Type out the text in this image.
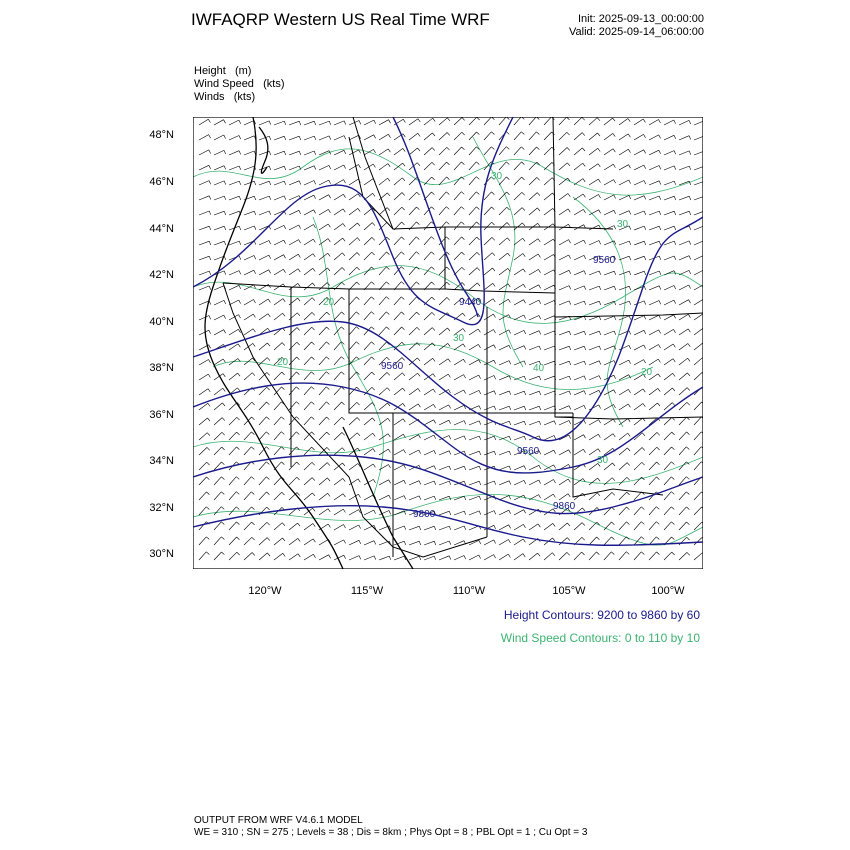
IWFAQRP Western US Real Time WRF	Init: 2025-09-13_00:00:00
Valid: 2025-09-14_06:00:00
Height   (m)
Wind Speed   (kts)
Winds   (kts)
48°N
46°N
44°N
42°N
40°N
38°N
36°N
34°N
32°N
30°N
120°W	115°W	110°W	105°W	100°W
9560
9440
9560
9560
9800
9860
30
20
20
30
40
30
20
30
Height Contours: 9200 to 9860 by 60
Wind Speed Contours: 0 to 110 by 10
OUTPUT FROM WRF V4.6.1 MODEL
WE = 310 ; SN = 275 ; Levels = 38 ; Dis = 8km ; Phys Opt = 8 ; PBL Opt = 1 ; Cu Opt = 3
